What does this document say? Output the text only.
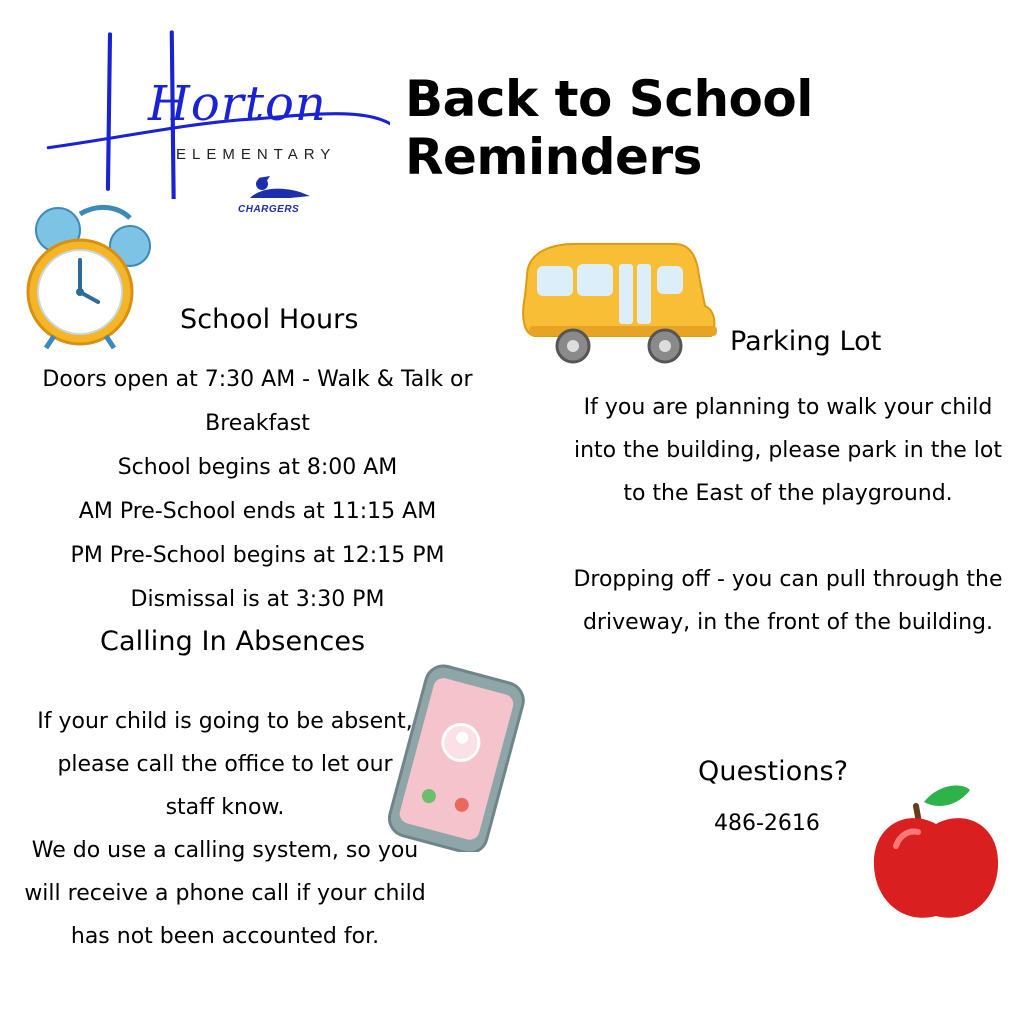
Horton
ELEMENTARY
CHARGERS
Back to School Reminders
School Hours
Doors open at 7:30 AM - Walk & Talk or Breakfast
School begins at 8:00 AM
AM Pre-School ends at 11:15 AM
PM Pre-School begins at 12:15 PM
Dismissal is at 3:30 PM
Parking Lot
If you are planning to walk your child
into the building, please park in the lot
to the East of the playground.
Dropping off - you can pull through the
driveway, in the front of the building.
Calling In Absences
If your child is going to be absent,
please call the office to let our
staff know.
We do use a calling system, so you
will receive a phone call if your child
has not been accounted for.
Questions?
486-2616
